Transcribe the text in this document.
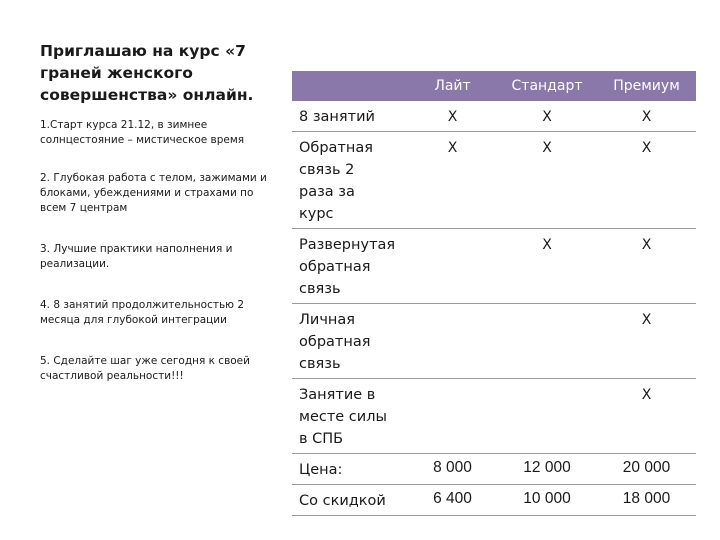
Приглашаю на курс «7 граней женского совершенства» онлайн.

1.Старт курса 21.12, в зимнее солнцестояние – мистическое время

2. Глубокая работа с телом, зажимами и блоками, убеждениями и страхами по всем 7 центрам

3. Лучшие практики наполнения и реализации.

4. 8 занятий продолжительностью 2 месяца для глубокой интеграции

5. Сделайте шаг уже сегодня к своей счастливой реальности!!!

	Лайт	Стандарт	Премиум
8 занятий	X	X	X
Обратная связь 2 раза за курс	X	X	X
Развернутая обратная связь		X	X
Личная обратная связь			X
Занятие в месте силы в СПБ			X
Цена:	8 000	12 000	20 000
Со скидкой	6 400	10 000	18 000
